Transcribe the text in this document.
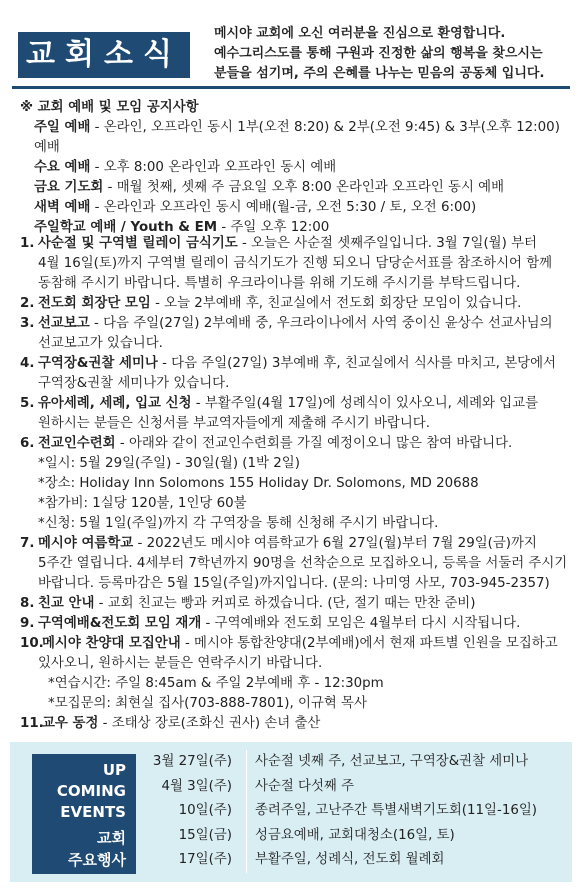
교회소식
메시야 교회에 오신 여러분을 진심으로 환영합니다.
예수그리스도를 통해 구원과 진정한 삶의 행복을 찾으시는
분들을 섬기며, 주의 은혜를 나누는 믿음의 공동체 입니다.
※ 교회 예배 및 모임 공지사항
주일 예배 - 온라인, 오프라인 동시 1부(오전 8:20) & 2부(오전 9:45) & 3부(오후 12:00) 예배
수요 예배 - 오후 8:00 온라인과 오프라인 동시 예배
금요 기도회 - 매월 첫째, 셋째 주 금요일 오후 8:00 온라인과 오프라인 동시 예배
새벽 예배 - 온라인과 오프라인 동시 예배(월-금, 오전 5:30 / 토, 오전 6:00)
주일학교 예배 / Youth & EM - 주일 오후 12:00
1. 사순절 및 구역별 릴레이 금식기도 - 오늘은 사순절 셋째주일입니다. 3월 7일(월) 부터
4월 16일(토)까지 구역별 릴레이 금식기도가 진행 되오니 담당순서표를 참조하시어 함께
동참해 주시기 바랍니다. 특별히 우크라이나를 위해 기도해 주시기를 부탁드립니다.
2. 전도회 회장단 모임 - 오늘 2부예배 후, 친교실에서 전도회 회장단 모임이 있습니다.
3. 선교보고 - 다음 주일(27일) 2부예배 중, 우크라이나에서 사역 중이신 윤상수 선교사님의
선교보고가 있습니다.
4. 구역장&권찰 세미나 - 다음 주일(27일) 3부예배 후, 친교실에서 식사를 마치고, 본당에서
구역장&권찰 세미나가 있습니다.
5. 유아세례, 세례, 입교 신청 - 부활주일(4월 17일)에 성례식이 있사오니, 세례와 입교를
원하시는 분들은 신청서를 부교역자들에게 제출해 주시기 바랍니다.
6. 전교인수련회 - 아래와 같이 전교인수련회를 가질 예정이오니 많은 참여 바랍니다.
*일시: 5월 29일(주일) - 30일(월) (1박 2일)
*장소: Holiday Inn Solomons 155 Holiday Dr. Solomons, MD 20688
*참가비: 1실당 120불, 1인당 60불
*신청: 5월 1일(주일)까지 각 구역장을 통해 신청해 주시기 바랍니다.
7. 메시야 여름학교 - 2022년도 메시야 여름학교가 6월 27일(월)부터 7월 29일(금)까지
5주간 열립니다. 4세부터 7학년까지 90명을 선착순으로 모집하오니, 등록을 서둘러 주시기
바랍니다. 등록마감은 5월 15일(주일)까지입니다. (문의: 나미영 사모, 703-945-2357)
8. 친교 안내 - 교회 친교는 빵과 커피로 하겠습니다. (단, 절기 때는 만찬 준비)
9. 구역예배&전도회 모임 재개 - 구역예배와 전도회 모임은 4월부터 다시 시작됩니다.
10.
메시야 찬양대 모집안내 - 메시야 통합찬양대(2부예배)에서 현재 파트별 인원을 모집하고
있사오니, 원하시는 분들은 연락주시기 바랍니다.
*연습시간: 주일 8:45am & 주일 2부예배 후 - 12:30pm
*모집문의: 최현실 집사(703-888-7801), 이규혁 목사
11.
교우 동정 - 조태상 장로(조화신 권사) 손녀 출산
UP
COMING
EVENTS
교회
주요행사
3월 27일(주)	사순절 넷째 주, 선교보고, 구역장&권찰 세미나
4월 3일(주)	사순절 다섯째 주
10일(주)	종려주일, 고난주간 특별새벽기도회(11일-16일)
15일(금)	성금요예배, 교회대청소(16일, 토)
17일(주)	부활주일, 성례식, 전도회 월례회
